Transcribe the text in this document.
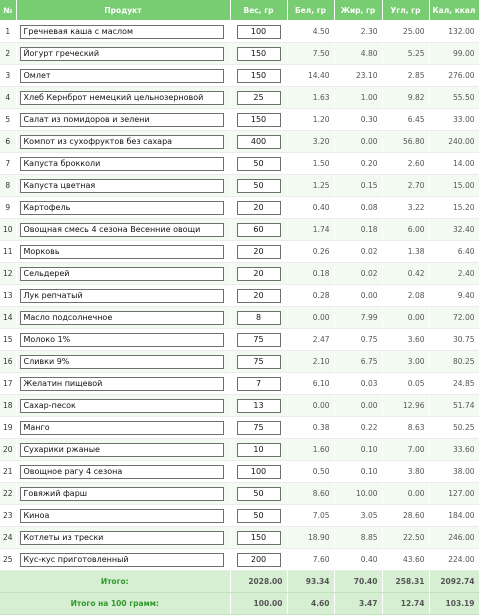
№	Продукт	Вес, гр	Бел, гр	Жир, гр	Угл, гр	Кал, ккал
1	Гречневая каша с маслом	100	4.50	2.30	25.00	132.00
2	Йогурт греческий	150	7.50	4.80	5.25	99.00
3	Омлет	150	14.40	23.10	2.85	276.00
4	Хлеб Кернброт немецкий цельнозерновой	25	1.63	1.00	9.82	55.50
5	Салат из помидоров и зелени	150	1.20	0.30	6.45	33.00
6	Компот из сухофруктов без сахара	400	3.20	0.00	56.80	240.00
7	Капуста брокколи	50	1.50	0.20	2.60	14.00
8	Капуста цветная	50	1.25	0.15	2.70	15.00
9	Картофель	20	0.40	0.08	3.22	15.20
10	Овощная смесь 4 сезона Весенние овощи	60	1.74	0.18	6.00	32.40
11	Морковь	20	0.26	0.02	1.38	6.40
12	Сельдерей	20	0.18	0.02	0.42	2.40
13	Лук репчатый	20	0.28	0.00	2.08	9.40
14	Масло подсолнечное	8	0.00	7.99	0.00	72.00
15	Молоко 1%	75	2.47	0.75	3.60	30.75
16	Сливки 9%	75	2.10	6.75	3.00	80.25
17	Желатин пищевой	7	6.10	0.03	0.05	24.85
18	Сахар-песок	13	0.00	0.00	12.96	51.74
19	Манго	75	0.38	0.22	8.63	50.25
20	Сухарики ржаные	10	1.60	0.10	7.00	33.60
21	Овощное рагу 4 сезона	100	0.50	0.10	3.80	38.00
22	Говяжий фарш	50	8.60	10.00	0.00	127.00
23	Киноа	50	7.05	3.05	28.60	184.00
24	Котлеты из трески	150	18.90	8.85	22.50	246.00
25	Кус-кус приготовленный	200	7.60	0.40	43.60	224.00
Итого:		2028.00	93.34	70.40	258.31	2092.74
Итого на 100 грамм:		100.00	4.60	3.47	12.74	103.19
